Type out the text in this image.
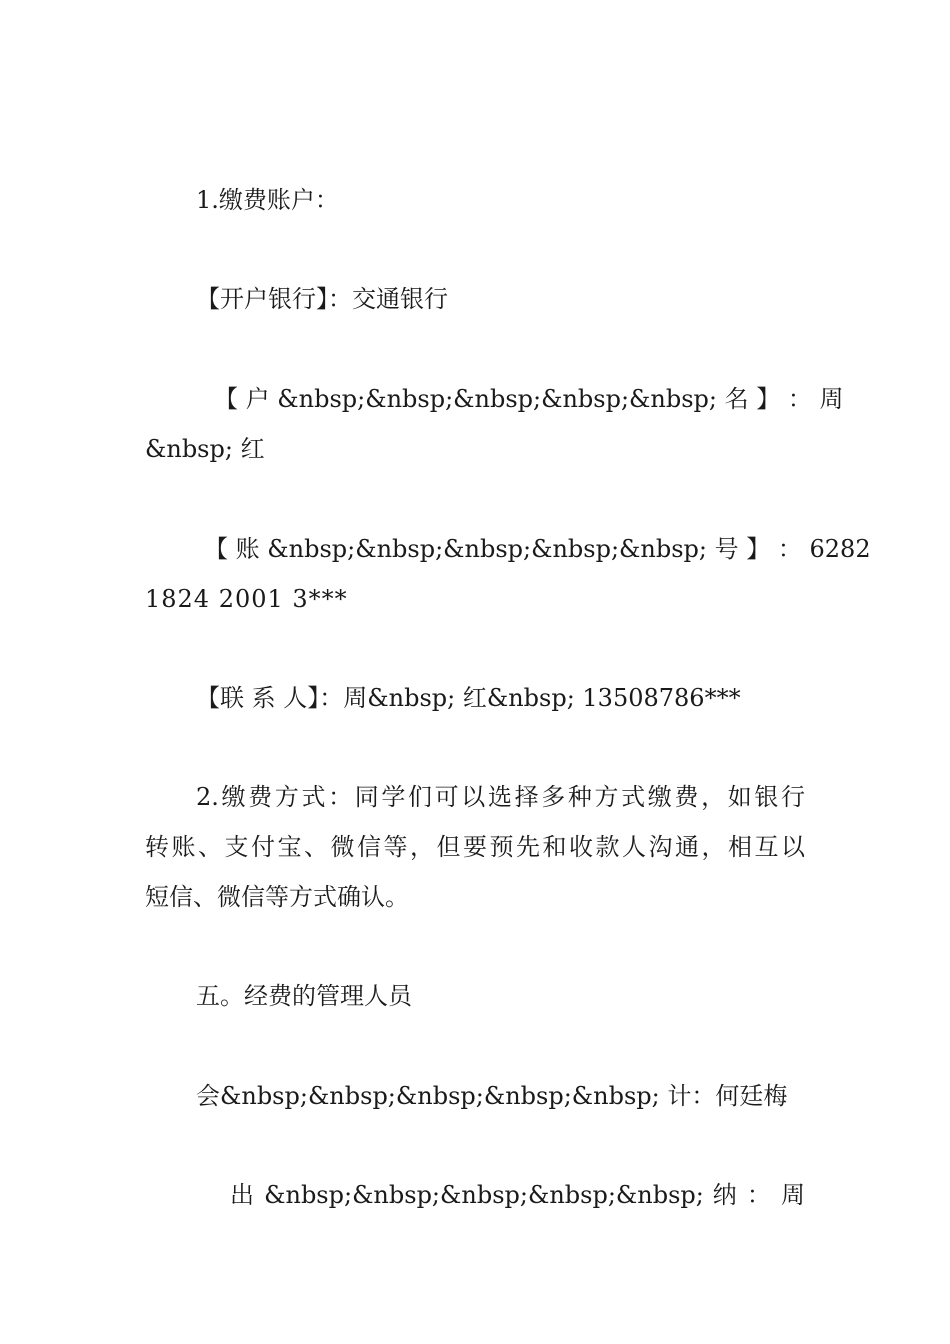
1.缴费账户：

【开户银行】：交通银行

【 户 &nbsp;&nbsp;&nbsp;&nbsp;&nbsp; 名 】 ： 周

&nbsp; 红

【 账 &nbsp;&nbsp;&nbsp;&nbsp;&nbsp; 号 】 ： 6282

1824 2001 3***

【联 系 人】：周&nbsp; 红&nbsp; 13508786***

2.缴费方式：同学们可以选择多种方式缴费，如银行

转账、支付宝、微信等，但要预先和收款人沟通，相互以

短信、微信等方式确认。

五。经费的管理人员

会&nbsp;&nbsp;&nbsp;&nbsp;&nbsp; 计：何廷梅

出 &nbsp;&nbsp;&nbsp;&nbsp;&nbsp; 纳 ： 周
